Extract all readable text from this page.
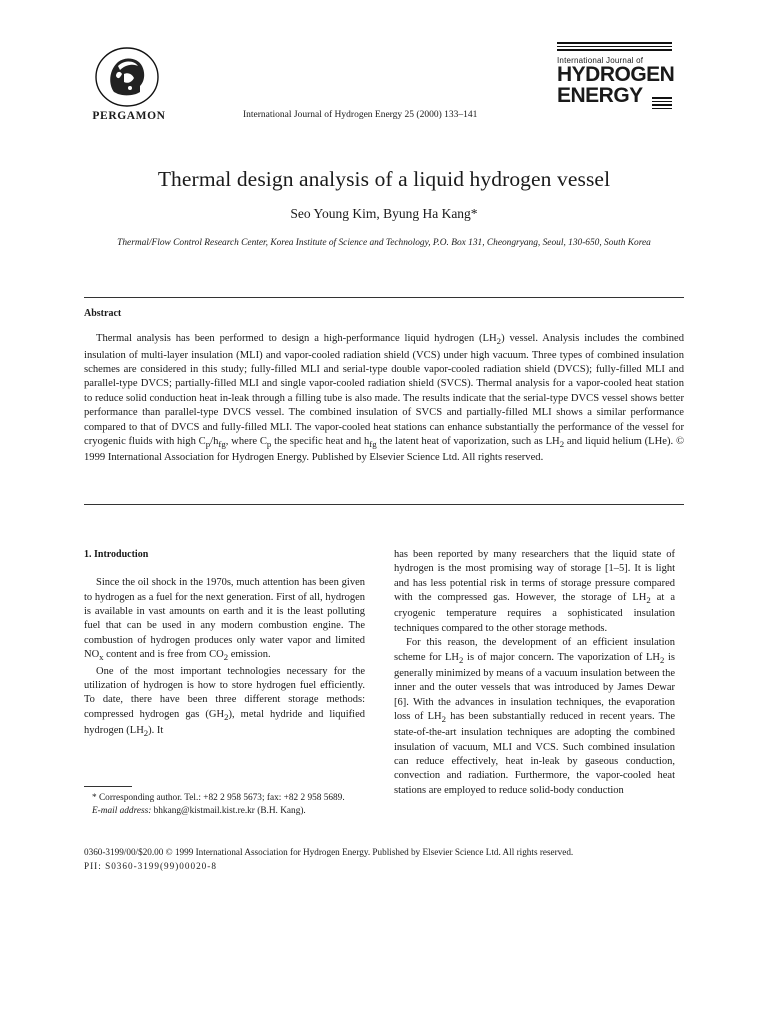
PERGAMON	International Journal of Hydrogen Energy 25 (2000) 133–141
International Journal of
HYDROGEN
ENERGY
Thermal design analysis of a liquid hydrogen vessel
Seo Young Kim, Byung Ha Kang*
Thermal/Flow Control Research Center, Korea Institute of Science and Technology, P.O. Box 131, Cheongryang, Seoul, 130-650, South Korea
Abstract

Thermal analysis has been performed to design a high-performance liquid hydrogen $(LH_2)$ vessel. Analysis includes the combined insulation of multi-layer insulation (MLI) and vapor-cooled radiation shield (VCS) under high vacuum. Three types of combined insulation schemes are considered in this study; fully-filled MLI and serial-type double vapor-cooled radiation shield (DVCS); fully-filled MLI and parallel-type DVCS; partially-filled MLI and single vapor-cooled radiation shield (SVCS). Thermal analysis for a vapor-cooled heat station to reduce solid conduction heat in-leak through a filling tube is also made. The results indicate that the serial-type DVCS vessel shows better performance than parallel-type DVCS vessel. The combined insulation of SVCS and partially-filled MLI shows a similar performance compared to that of DVCS and fully-filled MLI. The vapor-cooled heat stations can enhance substantially the performance of the vessel for cryogenic fluids with high $C_p/h_{fg}$, where $C_p$ the specific heat and $h_{fg}$ the latent heat of vaporization, such as $LH_2$ and liquid helium (LHe). © 1999 International Association for Hydrogen Energy. Published by Elsevier Science Ltd. All rights reserved.

1. Introduction

Since the oil shock in the 1970s, much attention has been given to hydrogen as a fuel for the next generation. First of all, hydrogen is available in vast amounts on earth and it is the least polluting fuel that can be used in any modern combustion engine. The combustion of hydrogen produces only water vapor and limited $NO_x$ content and is free from $CO_2$ emission.

One of the most important technologies necessary for the utilization of hydrogen is how to store hydrogen fuel efficiently. To date, there have been three different storage methods: compressed hydrogen gas $(GH_2)$, metal hydride and liquified hydrogen $(LH_2)$. It

* Corresponding author. Tel.: +82 2 958 5673; fax: +82 2 958 5689.

E-mail address: bhkang@kistmail.kist.re.kr (B.H. Kang).

has been reported by many researchers that the liquid state of hydrogen is the most promising way of storage [1–5]. It is light and has less potential risk in terms of storage pressure compared with the compressed gas. However, the storage of $LH_2$ at a cryogenic temperature requires a sophisticated insulation techniques compared to the other storage methods.

For this reason, the development of an efficient insulation scheme for $LH_2$ is of major concern. The vaporization of $LH_2$ is generally minimized by means of a vacuum insulation between the inner and the outer vessels that was introduced by James Dewar [6]. With the advances in insulation techniques, the evaporation loss of $LH_2$ has been substantially reduced in recent years. The state-of-the-art insulation techniques are adopting the combined insulation of vacuum, MLI and VCS. Such combined insulation can reduce effectively, heat in-leak by gaseous conduction, convection and radiation. Furthermore, the vapor-cooled heat stations are employed to reduce solid-body conduction

0360-3199/00/$20.00 © 1999 International Association for Hydrogen Energy. Published by Elsevier Science Ltd. All rights reserved.
PII: S0360-3199(99)00020-8
